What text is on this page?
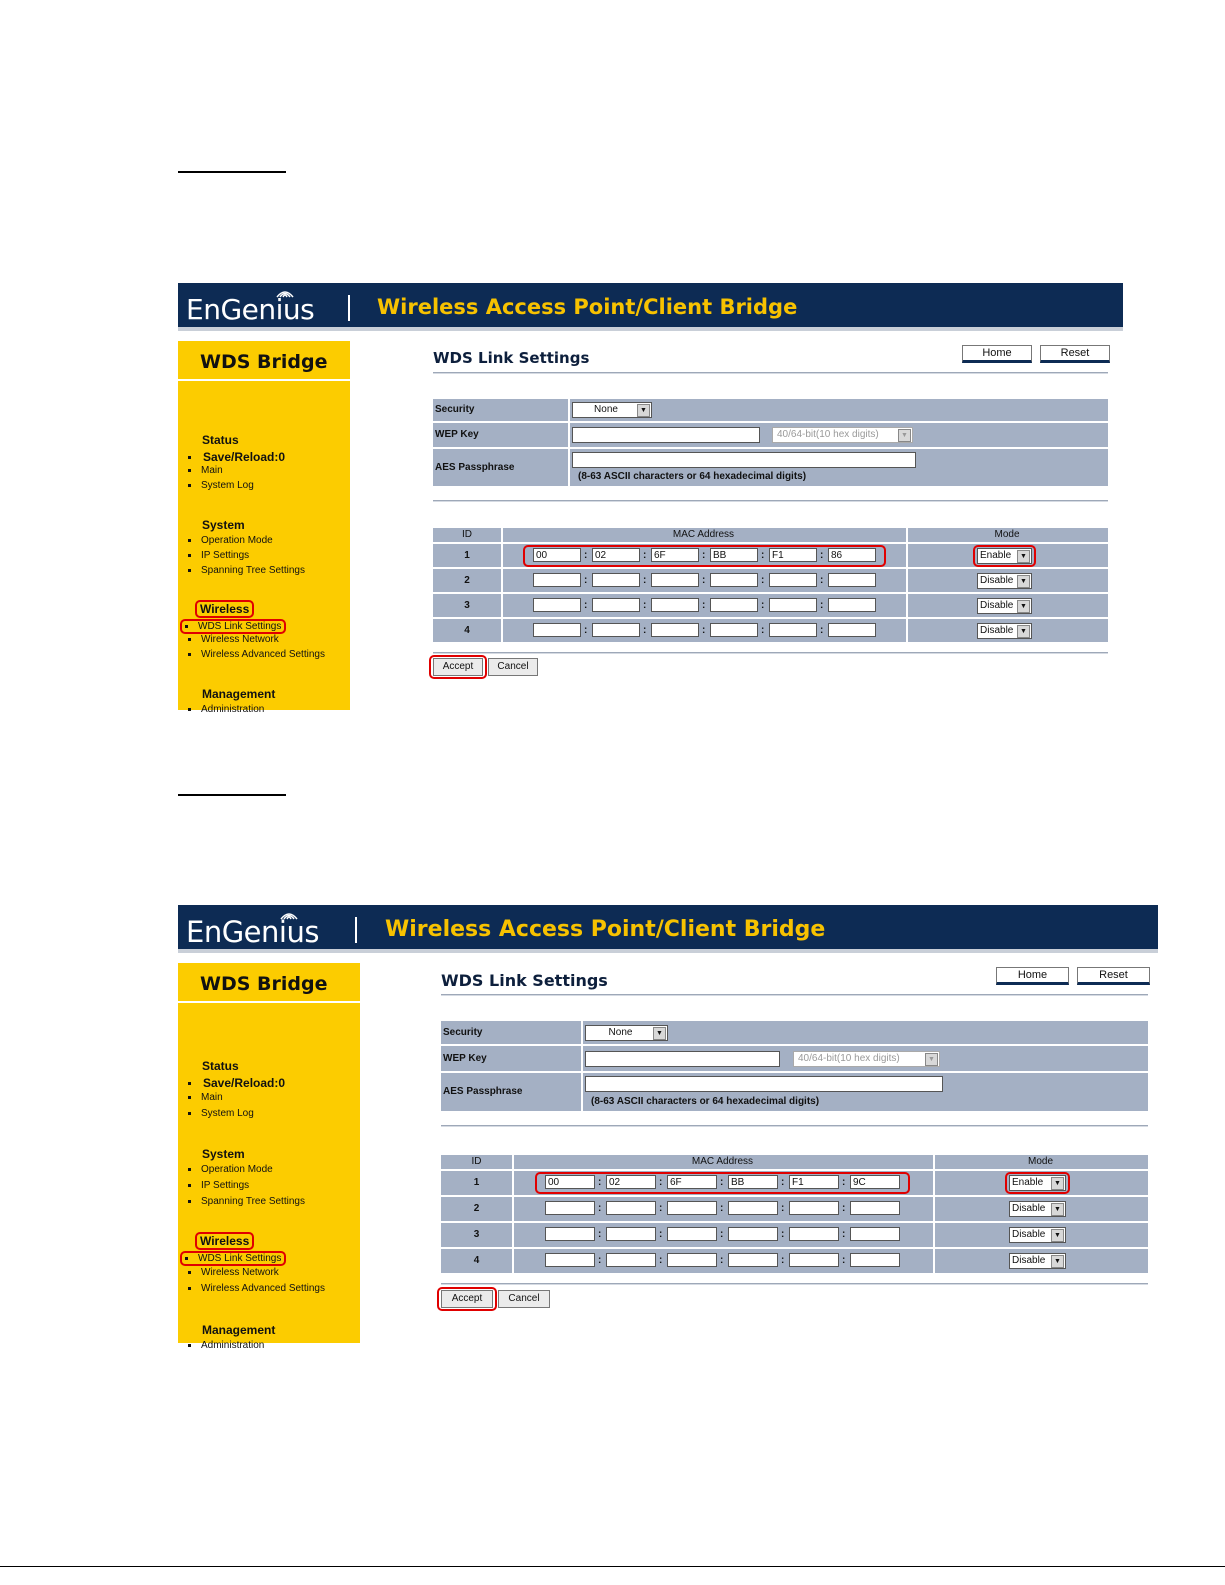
EnGenius	Wireless Access Point/Client Bridge
WDS Bridge
Status
Save/Reload:0
Main
System Log
System
Operation Mode
IP Settings
Spanning Tree Settings
Wireless
WDS Link Settings
Wireless Network
Wireless Advanced Settings
Management
Administration
WDS Link Settings	Home	Reset
Security	None	▼
WEP Key	40/64-bit(10 hex digits)	▼
AES Passphrase
(8-63 ASCII characters or 64 hexadecimal digits)
ID	MAC Address	Mode
1	00	: 02	: 6F	: BB	: F1	: 86	Enable	▼
2	:	:	:	:	:	Disable ▼
3	:	:	:	:	:	Disable ▼
4	:	:	:	:	:	Disable ▼
Accept	Cancel
EnGenius	Wireless Access Point/Client Bridge
WDS Bridge
Status
Save/Reload:0
Main
System Log
System
Operation Mode
IP Settings
Spanning Tree Settings
Wireless
WDS Link Settings
Wireless Network
Wireless Advanced Settings
Management
Administration
WDS Link Settings	Home	Reset
Security	None	▼
WEP Key	40/64-bit(10 hex digits)	▼
AES Passphrase
(8-63 ASCII characters or 64 hexadecimal digits)
ID	MAC Address	Mode
1	00	: 02	: 6F	: BB	: F1	: 9C	Enable	▼
2	:	:	:	:	:	Disable	▼
3	:	:	:	:	:	Disable	▼
4	:	:	:	:	:	Disable	▼
Accept	Cancel
